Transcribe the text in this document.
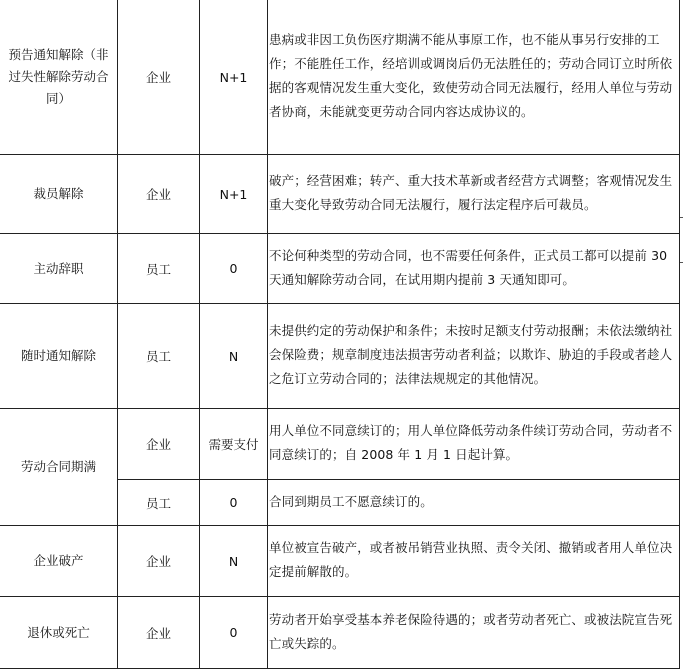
预告通知解除（非过失性解除劳动合同）	企业	N+1	患病或非因工负伤医疗期满不能从事原工作，也不能从事另行安排的工作；不能胜任工作，经培训或调岗后仍无法胜任的；劳动合同订立时所依据的客观情况发生重大变化，致使劳动合同无法履行，经用人单位与劳动者协商，未能就变更劳动合同内容达成协议的。
裁员解除	企业	N+1	破产；经营困难；转产、重大技术革新或者经营方式调整；客观情况发生重大变化导致劳动合同无法履行，履行法定程序后可裁员。
主动辞职	员工	0	不论何种类型的劳动合同，也不需要任何条件，正式员工都可以提前 30 天通知解除劳动合同，在试用期内提前 3 天通知即可。
随时通知解除	员工	N	未提供约定的劳动保护和条件；未按时足额支付劳动报酬；未依法缴纳社会保险费；规章制度违法损害劳动者利益；以欺诈、胁迫的手段或者趁人之危订立劳动合同的；法律法规规定的其他情况。
劳动合同期满	企业	需要支付	用人单位不同意续订的；用人单位降低劳动条件续订劳动合同，劳动者不同意续订的；自 2008 年 1 月 1 日起计算。
	员工	0	合同到期员工不愿意续订的。
企业破产	企业	N	单位被宣告破产，或者被吊销营业执照、责令关闭、撤销或者用人单位决定提前解散的。
退休或死亡	企业	0	劳动者开始享受基本养老保险待遇的；或者劳动者死亡、或被法院宣告死亡或失踪的。
